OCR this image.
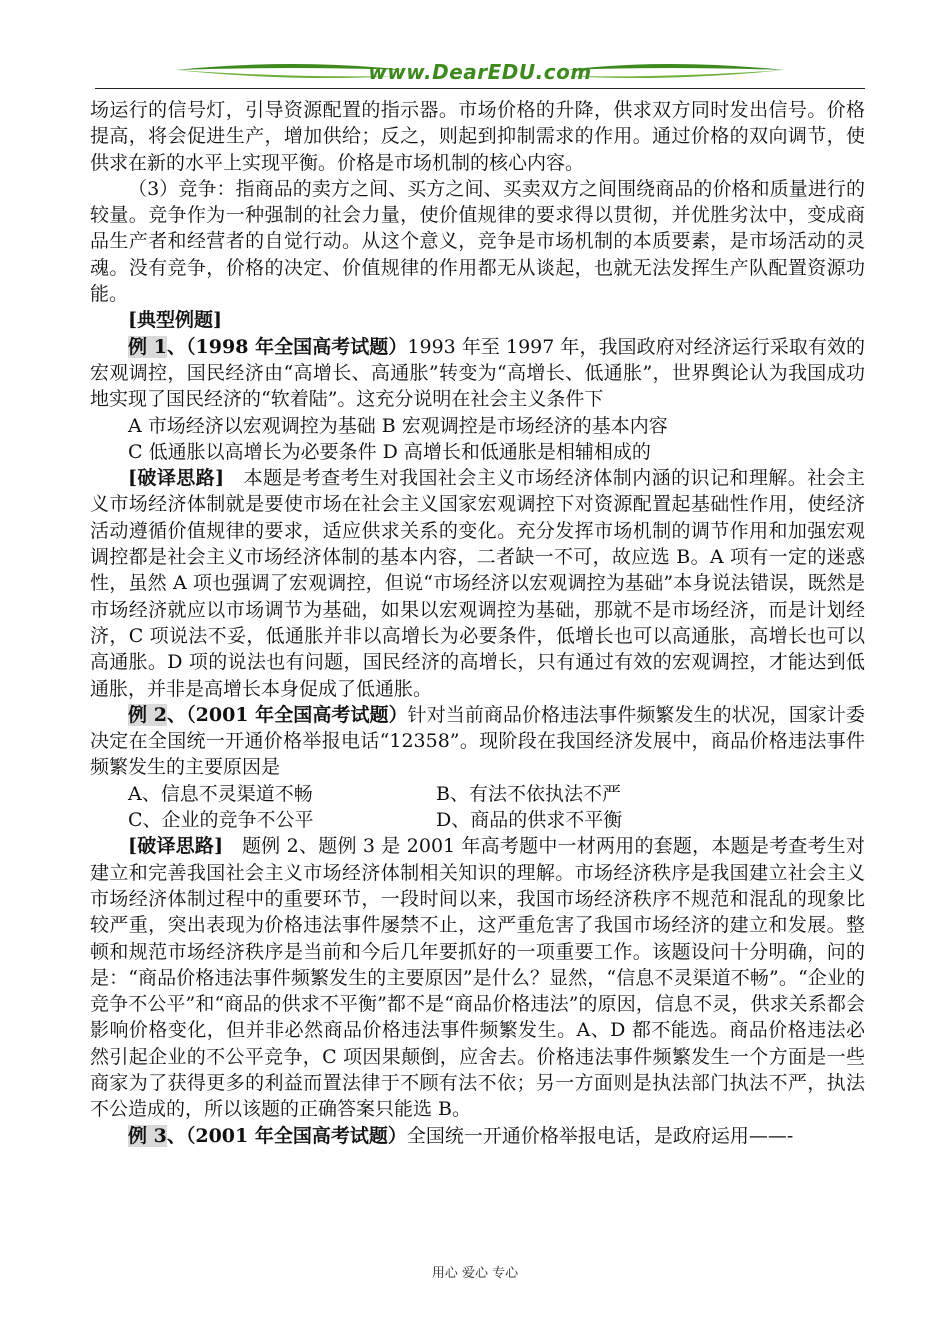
www.DearEDU.com

场运行的信号灯，引导资源配置的指示器。市场价格的升降，供求双方同时发出信号。价格提高，将会促进生产，增加供给；反之，则起到抑制需求的作用。通过价格的双向调节，使供求在新的水平上实现平衡。价格是市场机制的核心内容。

（3）竞争：指商品的卖方之间、买方之间、买卖双方之间围绕商品的价格和质量进行的较量。竞争作为一种强制的社会力量，使价值规律的要求得以贯彻，并优胜劣汰中，变成商品生产者和经营者的自觉行动。从这个意义，竞争是市场机制的本质要素，是市场活动的灵魂。没有竞争，价格的决定、价值规律的作用都无从谈起，也就无法发挥生产队配置资源功能。

[典型例题]

例 1、（1998 年全国高考试题）1993 年至 1997 年，我国政府对经济运行采取有效的宏观调控，国民经济由“高增长、高通胀”转变为“高增长、低通胀”，世界舆论认为我国成功地实现了国民经济的“软着陆”。这充分说明在社会主义条件下

A 市场经济以宏观调控为基础 B 宏观调控是市场经济的基本内容

C 低通胀以高增长为必要条件 D 高增长和低通胀是相辅相成的

[破译思路] 本题是考查考生对我国社会主义市场经济体制内涵的识记和理解。社会主义市场经济体制就是要使市场在社会主义国家宏观调控下对资源配置起基础性作用，使经济活动遵循价值规律的要求，适应供求关系的变化。充分发挥市场机制的调节作用和加强宏观调控都是社会主义市场经济体制的基本内容，二者缺一不可，故应选 B。A 项有一定的迷惑性，虽然 A 项也强调了宏观调控，但说“市场经济以宏观调控为基础”本身说法错误，既然是市场经济就应以市场调节为基础，如果以宏观调控为基础，那就不是市场经济，而是计划经济，C 项说法不妥，低通胀并非以高增长为必要条件，低增长也可以高通胀，高增长也可以高通胀。D 项的说法也有问题，国民经济的高增长，只有通过有效的宏观调控，才能达到低通胀，并非是高增长本身促成了低通胀。

例 2、（2001 年全国高考试题）针对当前商品价格违法事件频繁发生的状况，国家计委决定在全国统一开通价格举报电话“12358”。现阶段在我国经济发展中，商品价格违法事件频繁发生的主要原因是

A、信息不灵渠道不畅	B、有法不依执法不严
C、企业的竞争不公平	D、商品的供求不平衡

[破译思路] 题例 2、题例 3 是 2001 年高考题中一材两用的套题，本题是考查考生对建立和完善我国社会主义市场经济体制相关知识的理解。市场经济秩序是我国建立社会主义市场经济体制过程中的重要环节，一段时间以来，我国市场经济秩序不规范和混乱的现象比较严重，突出表现为价格违法事件屡禁不止，这严重危害了我国市场经济的建立和发展。整顿和规范市场经济秩序是当前和今后几年要抓好的一项重要工作。该题设问十分明确，问的是：“商品价格违法事件频繁发生的主要原因”是什么？显然，“信息不灵渠道不畅”。“企业的竞争不公平”和“商品的供求不平衡”都不是“商品价格违法”的原因，信息不灵，供求关系都会影响价格变化，但并非必然商品价格违法事件频繁发生。A、D 都不能选。商品价格违法必然引起企业的不公平竞争，C 项因果颠倒，应舍去。价格违法事件频繁发生一个方面是一些商家为了获得更多的利益而置法律于不顾有法不依；另一方面则是执法部门执法不严，执法不公造成的，所以该题的正确答案只能选 B。

例 3、（2001 年全国高考试题）全国统一开通价格举报电话，是政府运用——-

用心 爱心 专心
